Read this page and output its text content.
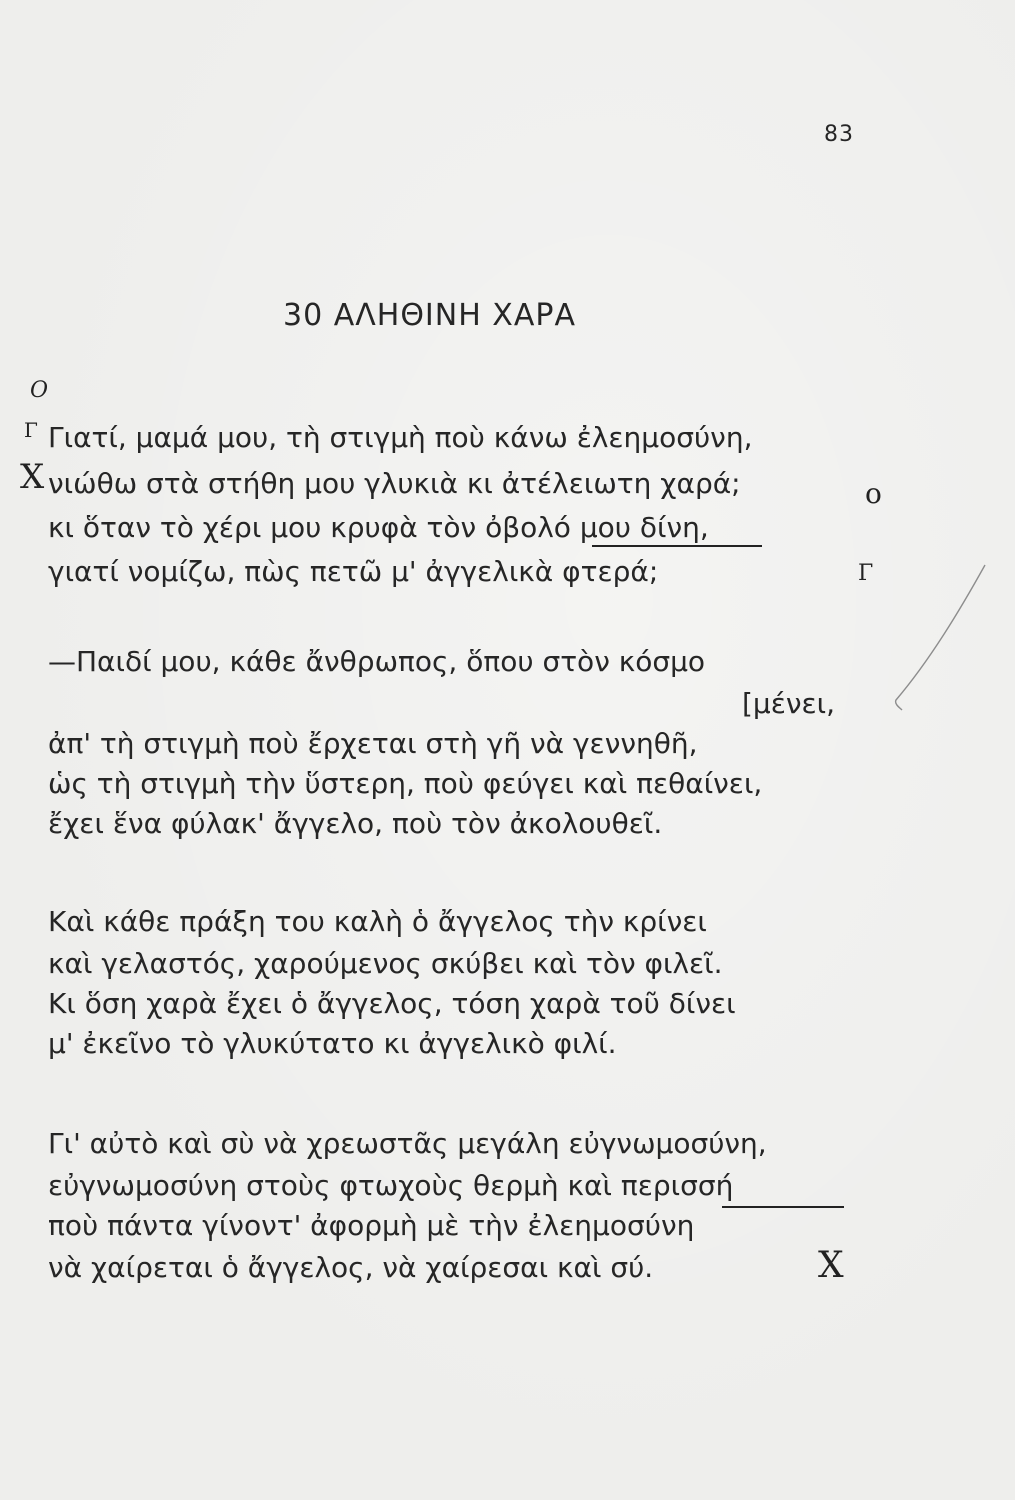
83
30 ΑΛΗΘΙΝΗ ΧΑΡΑ
Γιατί, μαμά μου, τὴ στιγμὴ ποὺ κάνω ἐλεημοσύνη,
νιώθω στὰ στήθη μου γλυκιὰ κι ἀτέλειωτη χαρά;
κι ὅταν τὸ χέρι μου κρυφὰ τὸν ὀβολό μου δίνη,
γιατί νομίζω, πὼς πετῶ μ' ἀγγελικὰ φτερά;
—Παιδί μου, κάθε ἄνθρωπος, ὅπου στὸν κόσμο
[μένει,
ἀπ' τὴ στιγμὴ ποὺ ἔρχεται στὴ γῆ νὰ γεννηθῆ,
ὡς τὴ στιγμὴ τὴν ὕστερη, ποὺ φεύγει καὶ πεθαίνει,
ἔχει ἕνα φύλακ' ἄγγελο, ποὺ τὸν ἀκολουθεῖ.
Καὶ κάθε πράξη του καλὴ ὁ ἄγγελος τὴν κρίνει
καὶ γελαστός, χαρούμενος σκύβει καὶ τὸν φιλεῖ.
Κι ὅση χαρὰ ἔχει ὁ ἄγγελος, τόση χαρὰ τοῦ δίνει
μ' ἐκεῖνο τὸ γλυκύτατο κι ἀγγελικὸ φιλί.
Γι' αὐτὸ καὶ σὺ νὰ χρεωστᾶς μεγάλη εὐγνωμοσύνη,
εὐγνωμοσύνη στοὺς φτωχοὺς θερμὴ καὶ περισσή
ποὺ πάντα γίνοντ' ἀφορμὴ μὲ τὴν ἐλεημοσύνη
νὰ χαίρεται ὁ ἄγγελος, νὰ χαίρεσαι καὶ σύ.
O
Γ
Χ	o
Γ
Χ
